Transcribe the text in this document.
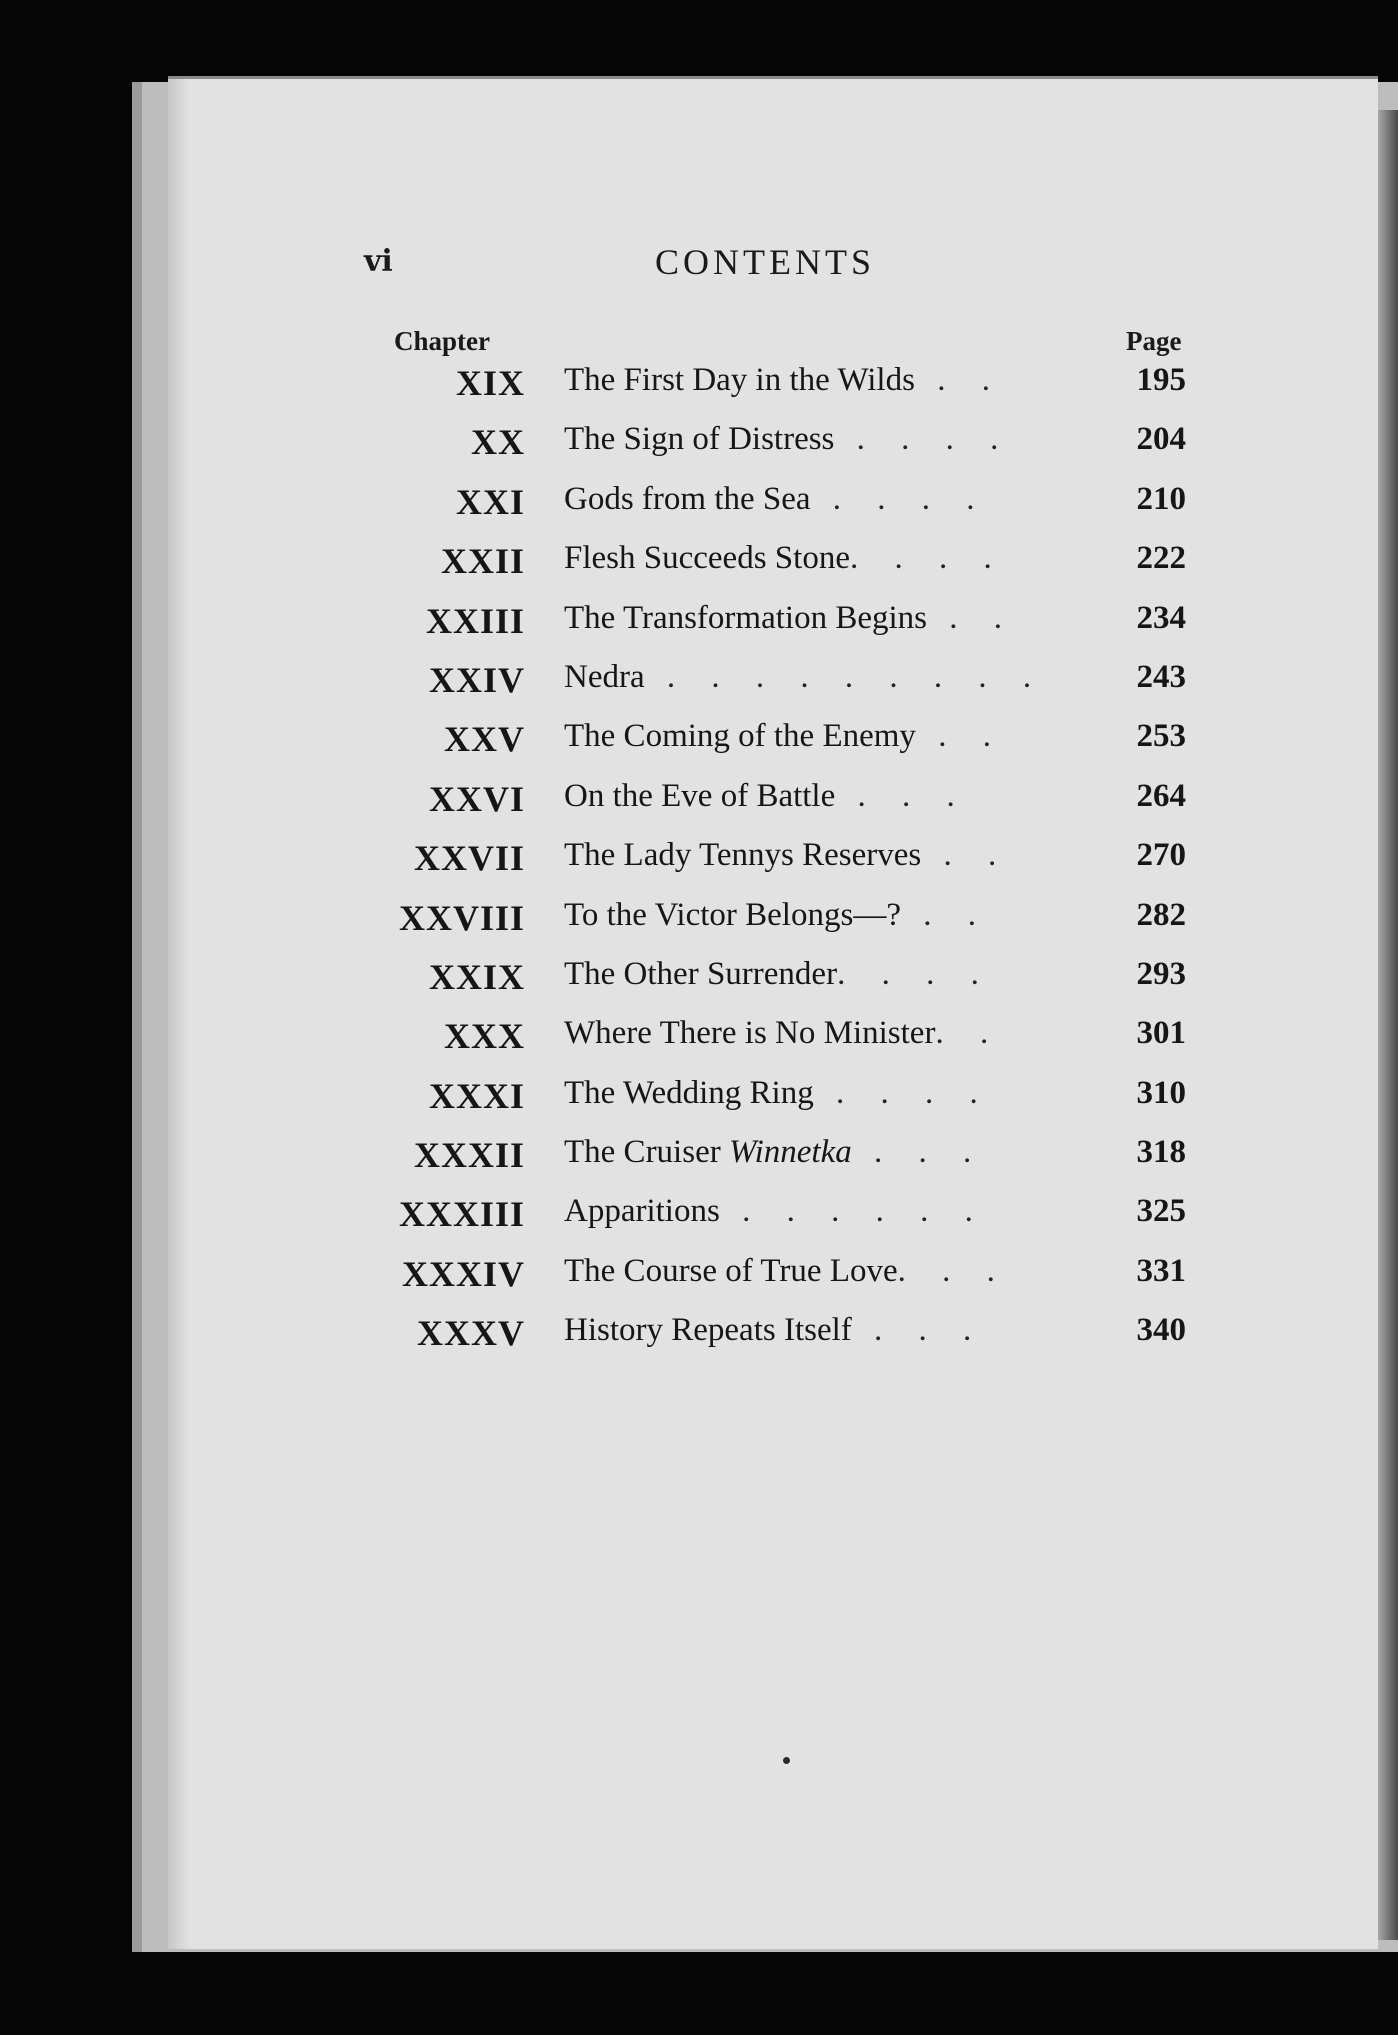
vi	CONTENTS
Chapter	Page
XIX The First Day in the Wilds . .	195
XX The Sign of Distress . . . .	204
XXI Gods from the Sea . . . .	210
XXII Flesh Succeeds Stone. . . .	222
XXIII The Transformation Begins . .	234
XXIV Nedra . . . . . . . . .	243
XXV The Coming of the Enemy . .	253
XXVI On the Eve of Battle . . .	264
XXVII The Lady Tennys Reserves . .	270
XXVIII To the Victor Belongs—? . .	282
XXIX The Other Surrender. . . .	293
XXX Where There is No Minister. .	301
XXXI The Wedding Ring . . . .	310
XXXII The Cruiser Winnetka . . .	318
XXXIII Apparitions . . . . . .	325
XXXIV The Course of True Love. . .	331
XXXV History Repeats Itself . . .	340
